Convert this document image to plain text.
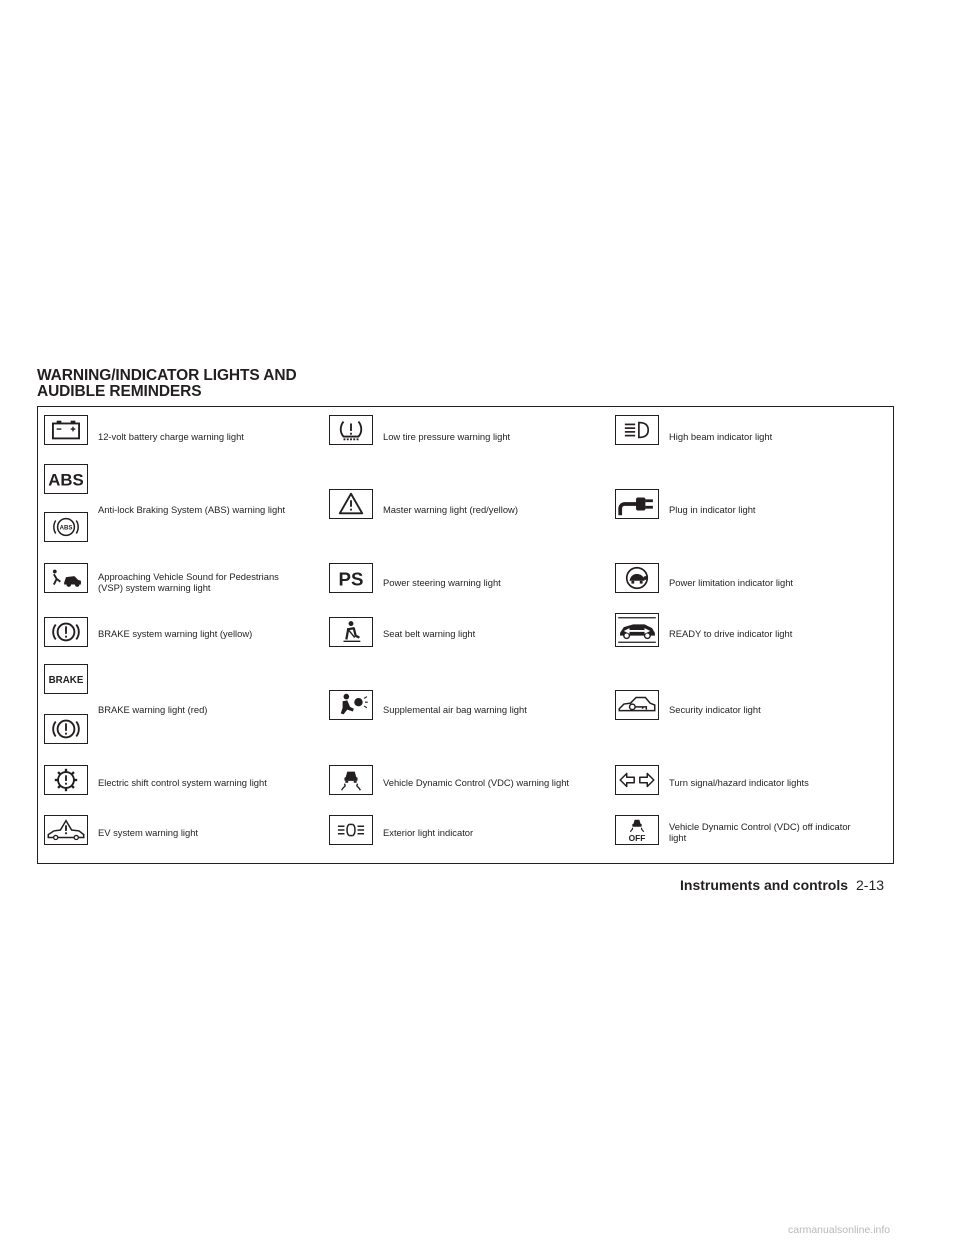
WARNING/INDICATOR LIGHTS AND
AUDIBLE REMINDERS
12-volt battery charge warning light
ABS
ABS
Anti-lock Braking System (ABS) warning light
Approaching Vehicle Sound for Pedestrians
(VSP) system warning light
BRAKE system warning light (yellow)
BRAKE
BRAKE warning light (red)
Electric shift control system warning light
EV system warning light
Low tire pressure warning light
Master warning light (red/yellow)
PS Power steering warning light
Seat belt warning light
Supplemental air bag warning light
Vehicle Dynamic Control (VDC) warning light
Exterior light indicator
High beam indicator light
Plug in indicator light
Power limitation indicator light
READY to drive indicator light
Security indicator light
Turn signal/hazard indicator lights
OFF
Vehicle Dynamic Control (VDC) off indicator
light
Instruments and controls 2-13
carmanualsonline.info
